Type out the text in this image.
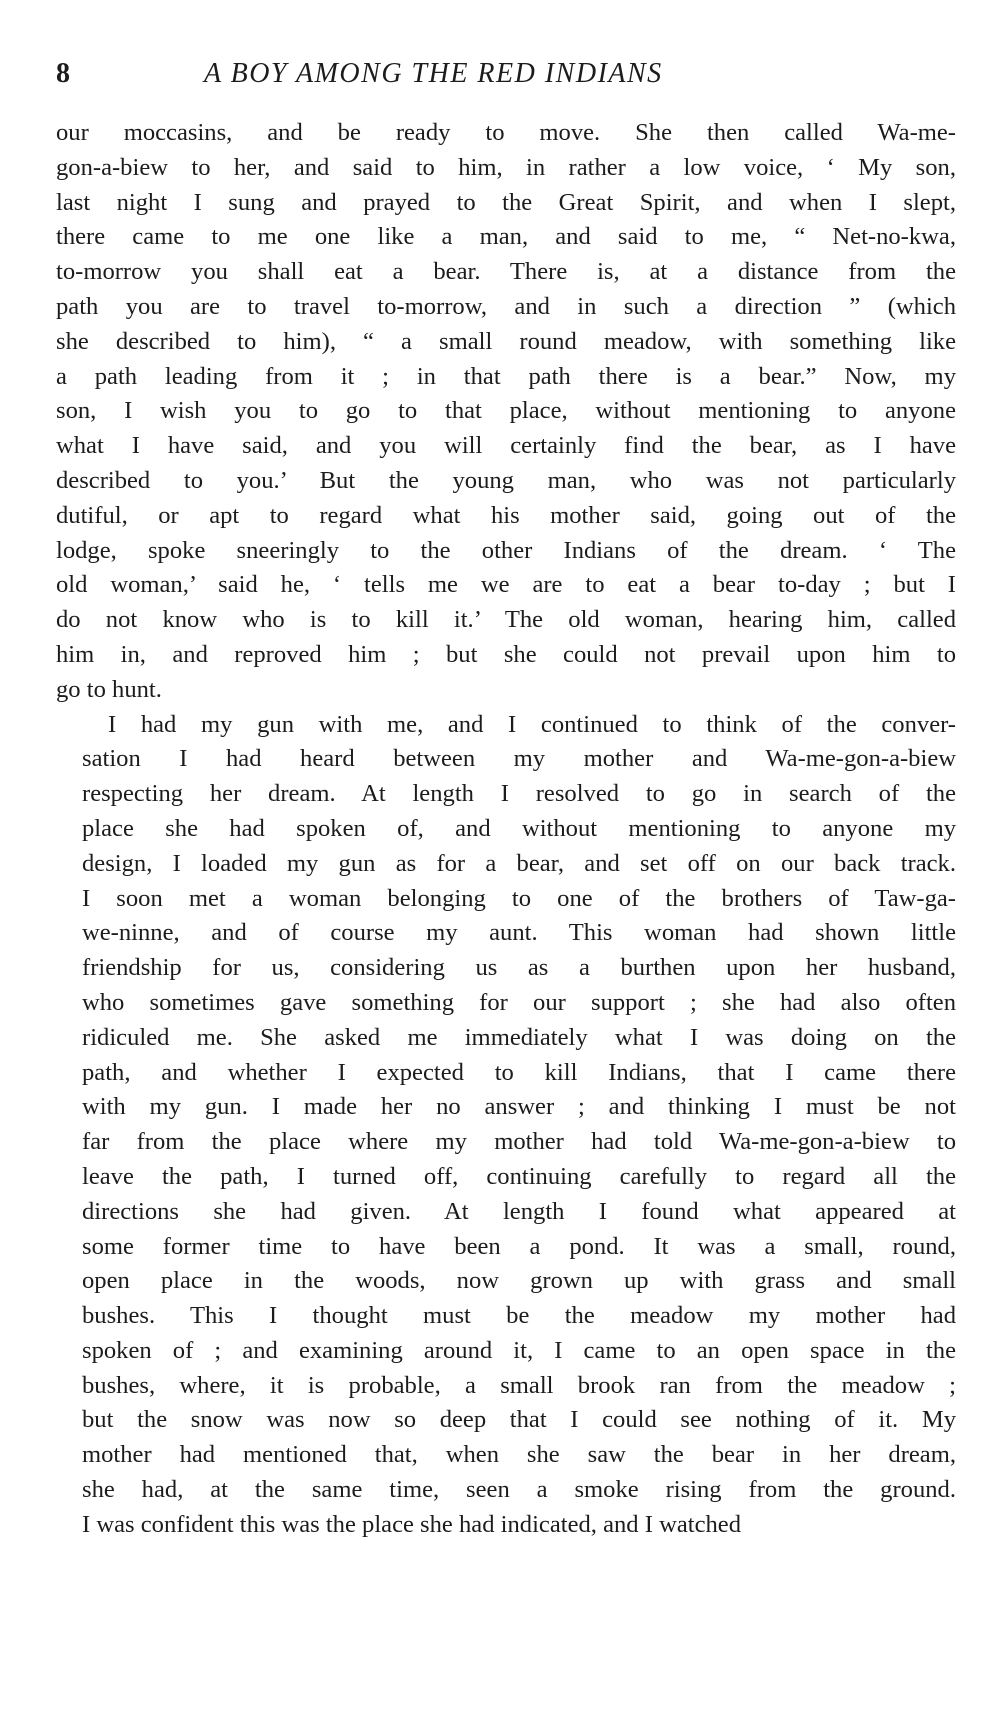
8	A BOY AMONG THE RED INDIANS
our moccasins, and be ready to move. She then called Wa-me-
gon-a-biew to her, and said to him, in rather a low voice, ‘ My son,
last night I sung and prayed to the Great Spirit, and when I slept,
there came to me one like a man, and said to me, “ Net-no-kwa,
to-morrow you shall eat a bear. There is, at a distance from the
path you are to travel to-morrow, and in such a direction ” (which
she described to him), “ a small round meadow, with something like
a path leading from it ; in that path there is a bear.” Now, my
son, I wish you to go to that place, without mentioning to anyone
what I have said, and you will certainly find the bear, as I have
described to you.’ But the young man, who was not particularly
dutiful, or apt to regard what his mother said, going out of the
lodge, spoke sneeringly to the other Indians of the dream. ‘ The
old woman,’ said he, ‘ tells me we are to eat a bear to-day ; but I
do not know who is to kill it.’ The old woman, hearing him, called
him in, and reproved him ; but she could not prevail upon him to
go to hunt.
I had my gun with me, and I continued to think of the conver-
sation I had heard between my mother and Wa-me-gon-a-biew
respecting her dream. At length I resolved to go in search of the
place she had spoken of, and without mentioning to anyone my
design, I loaded my gun as for a bear, and set off on our back track.
I soon met a woman belonging to one of the brothers of Taw-ga-
we-ninne, and of course my aunt. This woman had shown little
friendship for us, considering us as a burthen upon her husband,
who sometimes gave something for our support ; she had also often
ridiculed me. She asked me immediately what I was doing on the
path, and whether I expected to kill Indians, that I came there
with my gun. I made her no answer ; and thinking I must be not
far from the place where my mother had told Wa-me-gon-a-biew to
leave the path, I turned off, continuing carefully to regard all the
directions she had given. At length I found what appeared at
some former time to have been a pond. It was a small, round,
open place in the woods, now grown up with grass and small
bushes. This I thought must be the meadow my mother had
spoken of ; and examining around it, I came to an open space in the
bushes, where, it is probable, a small brook ran from the meadow ;
but the snow was now so deep that I could see nothing of it. My
mother had mentioned that, when she saw the bear in her dream,
she had, at the same time, seen a smoke rising from the ground.
I was confident this was the place she had indicated, and I watched
